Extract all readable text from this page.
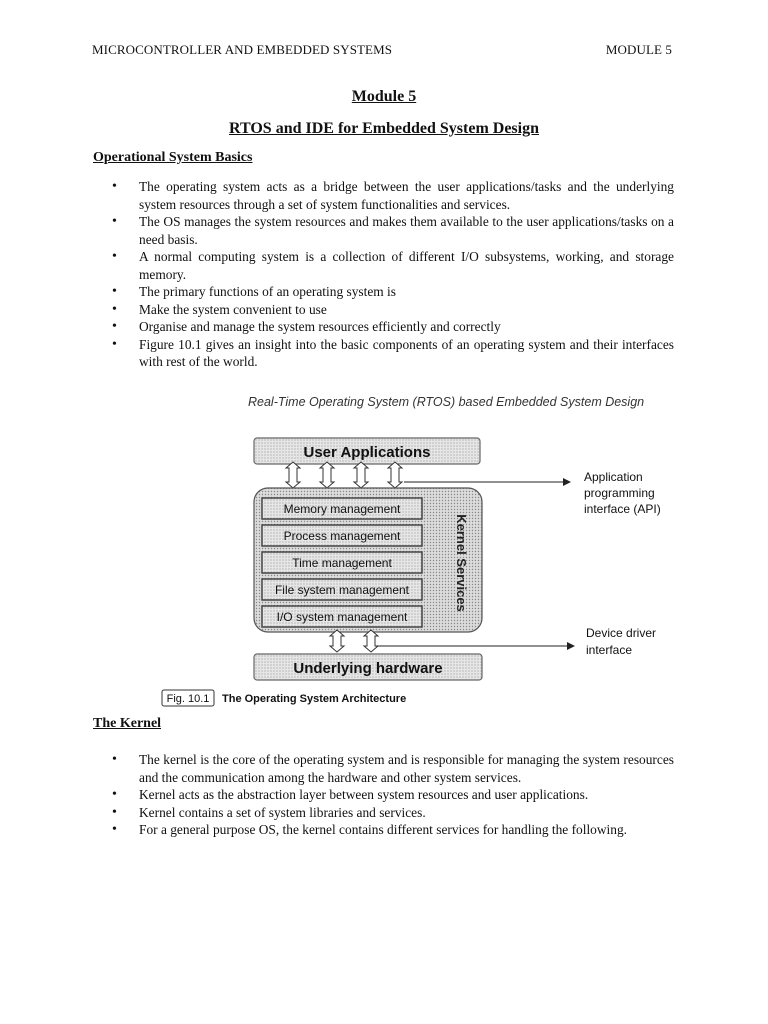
MICROCONTROLLER AND EMBEDDED SYSTEMS	MODULE 5
Module 5
RTOS and IDE for Embedded System Design
Operational System Basics
• The operating system acts as a bridge between the user applications/tasks and the underlying system resources through a set of system functionalities and services.
• The OS manages the system resources and makes them available to the user applications/tasks on a need basis.
• A normal computing system is a collection of different I/O subsystems, working, and storage memory.
• The primary functions of an operating system is
• Make the system convenient to use
• Organise and manage the system resources efficiently and correctly
• Figure 10.1 gives an insight into the basic components of an operating system and their interfaces with rest of the world.
Real-Time Operating System (RTOS) based Embedded System Design
User Applications
Memory management
Process management
Time management
File system management
I/O system management
Kernel Services
Underlying hardware
Application
programming
interface (API)
Device driver
interface
Fig. 10.1 The Operating System Architecture
The Kernel
• The kernel is the core of the operating system and is responsible for managing the system resources and the communication among the hardware and other system services.
• Kernel acts as the abstraction layer between system resources and user applications.
• Kernel contains a set of system libraries and services.
• For a general purpose OS, the kernel contains different services for handling the following.
